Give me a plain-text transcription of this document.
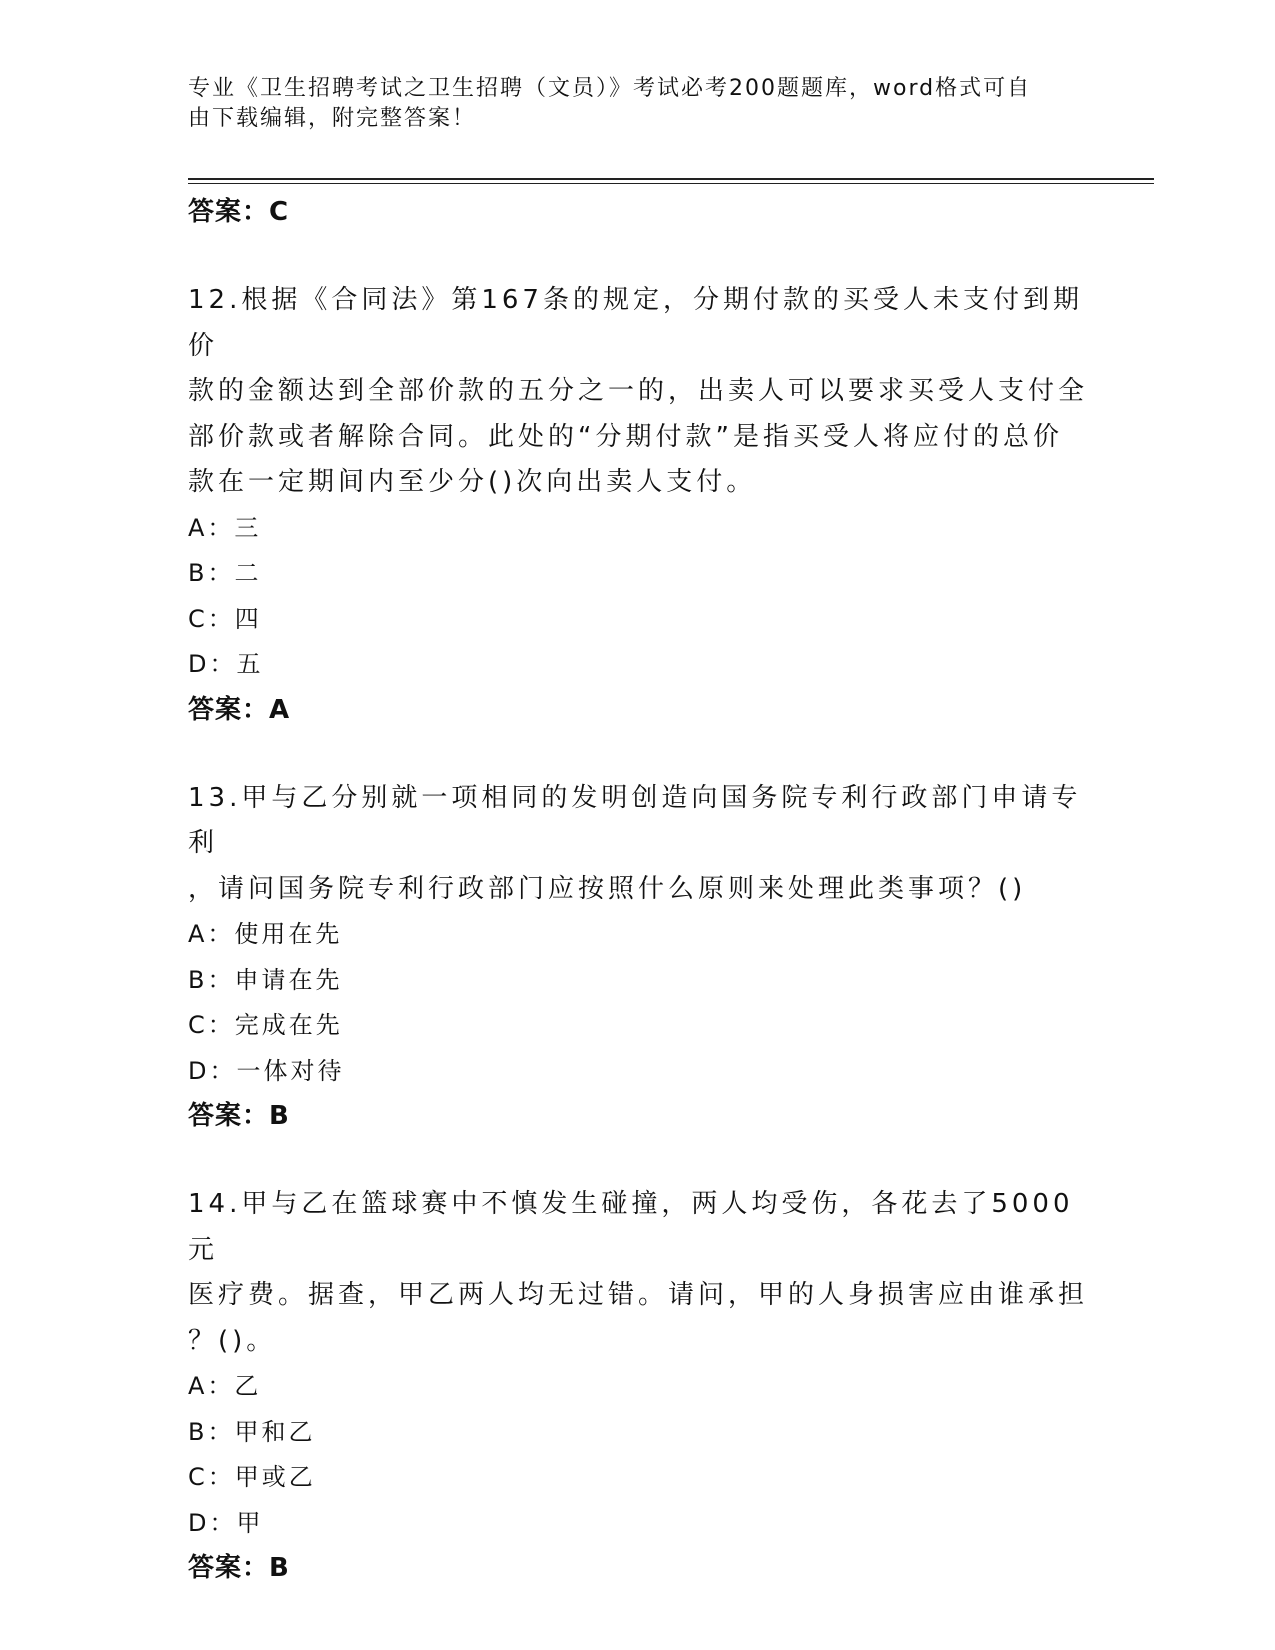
专业《卫生招聘考试之卫生招聘（文员）》考试必考200题题库，word格式可自
由下载编辑，附完整答案！
答案：C
12.根据《合同法》第167条的规定，分期付款的买受人未支付到期价
款的金额达到全部价款的五分之一的，出卖人可以要求买受人支付全
部价款或者解除合同。此处的“分期付款”是指买受人将应付的总价
款在一定期间内至少分()次向出卖人支付。
A：三
B：二
C：四
D：五
答案：A
13.甲与乙分别就一项相同的发明创造向国务院专利行政部门申请专利
，请问国务院专利行政部门应按照什么原则来处理此类事项？()
A：使用在先
B：申请在先
C：完成在先
D：一体对待
答案：B
14.甲与乙在篮球赛中不慎发生碰撞，两人均受伤，各花去了5000元
医疗费。据查，甲乙两人均无过错。请问，甲的人身损害应由谁承担
？()。
A：乙
B：甲和乙
C：甲或乙
D：甲
答案：B
